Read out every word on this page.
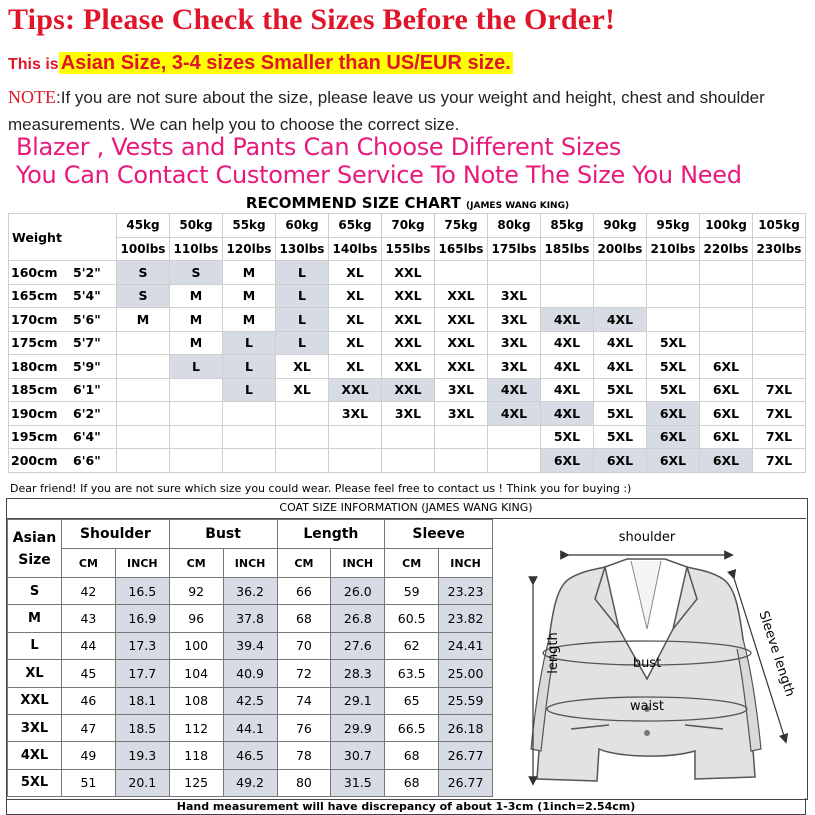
Tips: Please Check the Sizes Before the Order!
This is Asian Size, 3-4 sizes Smaller than US/EUR size.
NOTE:If you are not sure about the size, please leave us your weight and height, chest and shoulder measurements. We can help you to choose the correct size.
Blazer , Vests and Pants Can Choose Different Sizes
You Can Contact Customer Service To Note The Size You Need
RECOMMEND SIZE CHART (JAMES WANG KING)
Weight	45kg	50kg	55kg	60kg	65kg	70kg	75kg	80kg	85kg	90kg	95kg	100kg	105kg
	100lbs	110lbs	120lbs	130lbs	140lbs	155lbs	165lbs	175lbs	185lbs	200lbs	210lbs	220lbs	230lbs
160cm 5'2"	S	S	M	L	XL	XXL							
165cm 5'4"	S	M	M	L	XL	XXL	XXL	3XL					
170cm 5'6"	M	M	M	L	XL	XXL	XXL	3XL	4XL	4XL			
175cm 5'7"		M	L	L	XL	XXL	XXL	3XL	4XL	4XL	5XL		
180cm 5'9"		L	L	XL	XL	XXL	XXL	3XL	4XL	4XL	5XL	6XL	
185cm 6'1"			L	XL	XXL	XXL	3XL	4XL	4XL	5XL	5XL	6XL	7XL
190cm 6'2"					3XL	3XL	3XL	4XL	4XL	5XL	6XL	6XL	7XL
195cm 6'4"									5XL	5XL	6XL	6XL	7XL
200cm 6'6"									6XL	6XL	6XL	6XL	7XL
Dear friend! If you are not sure which size you could wear. Please feel free to contact us ! Think you for buying :)
COAT SIZE INFORMATION (JAMES WANG KING)
Asian
Size	Shoulder		Bust		Length		Sleeve	
	CM	INCH	CM	INCH	CM	INCH	CM	INCH
S	42	16.5	92	36.2	66	26.0	59	23.23
M	43	16.9	96	37.8	68	26.8	60.5	23.82
L	44	17.3	100	39.4	70	27.6	62	24.41
XL	45	17.7	104	40.9	72	28.3	63.5	25.00
XXL	46	18.1	108	42.5	74	29.1	65	25.59
3XL	47	18.5	112	44.1	76	29.9	66.5	26.18
4XL	49	19.3	118	46.5	78	30.7	68	26.77
5XL	51	20.1	125	49.2	80	31.5	68	26.77
shoulder
bust
waist
length	Sleeve length
Hand measurement will have discrepancy of about 1-3cm (1inch=2.54cm)
